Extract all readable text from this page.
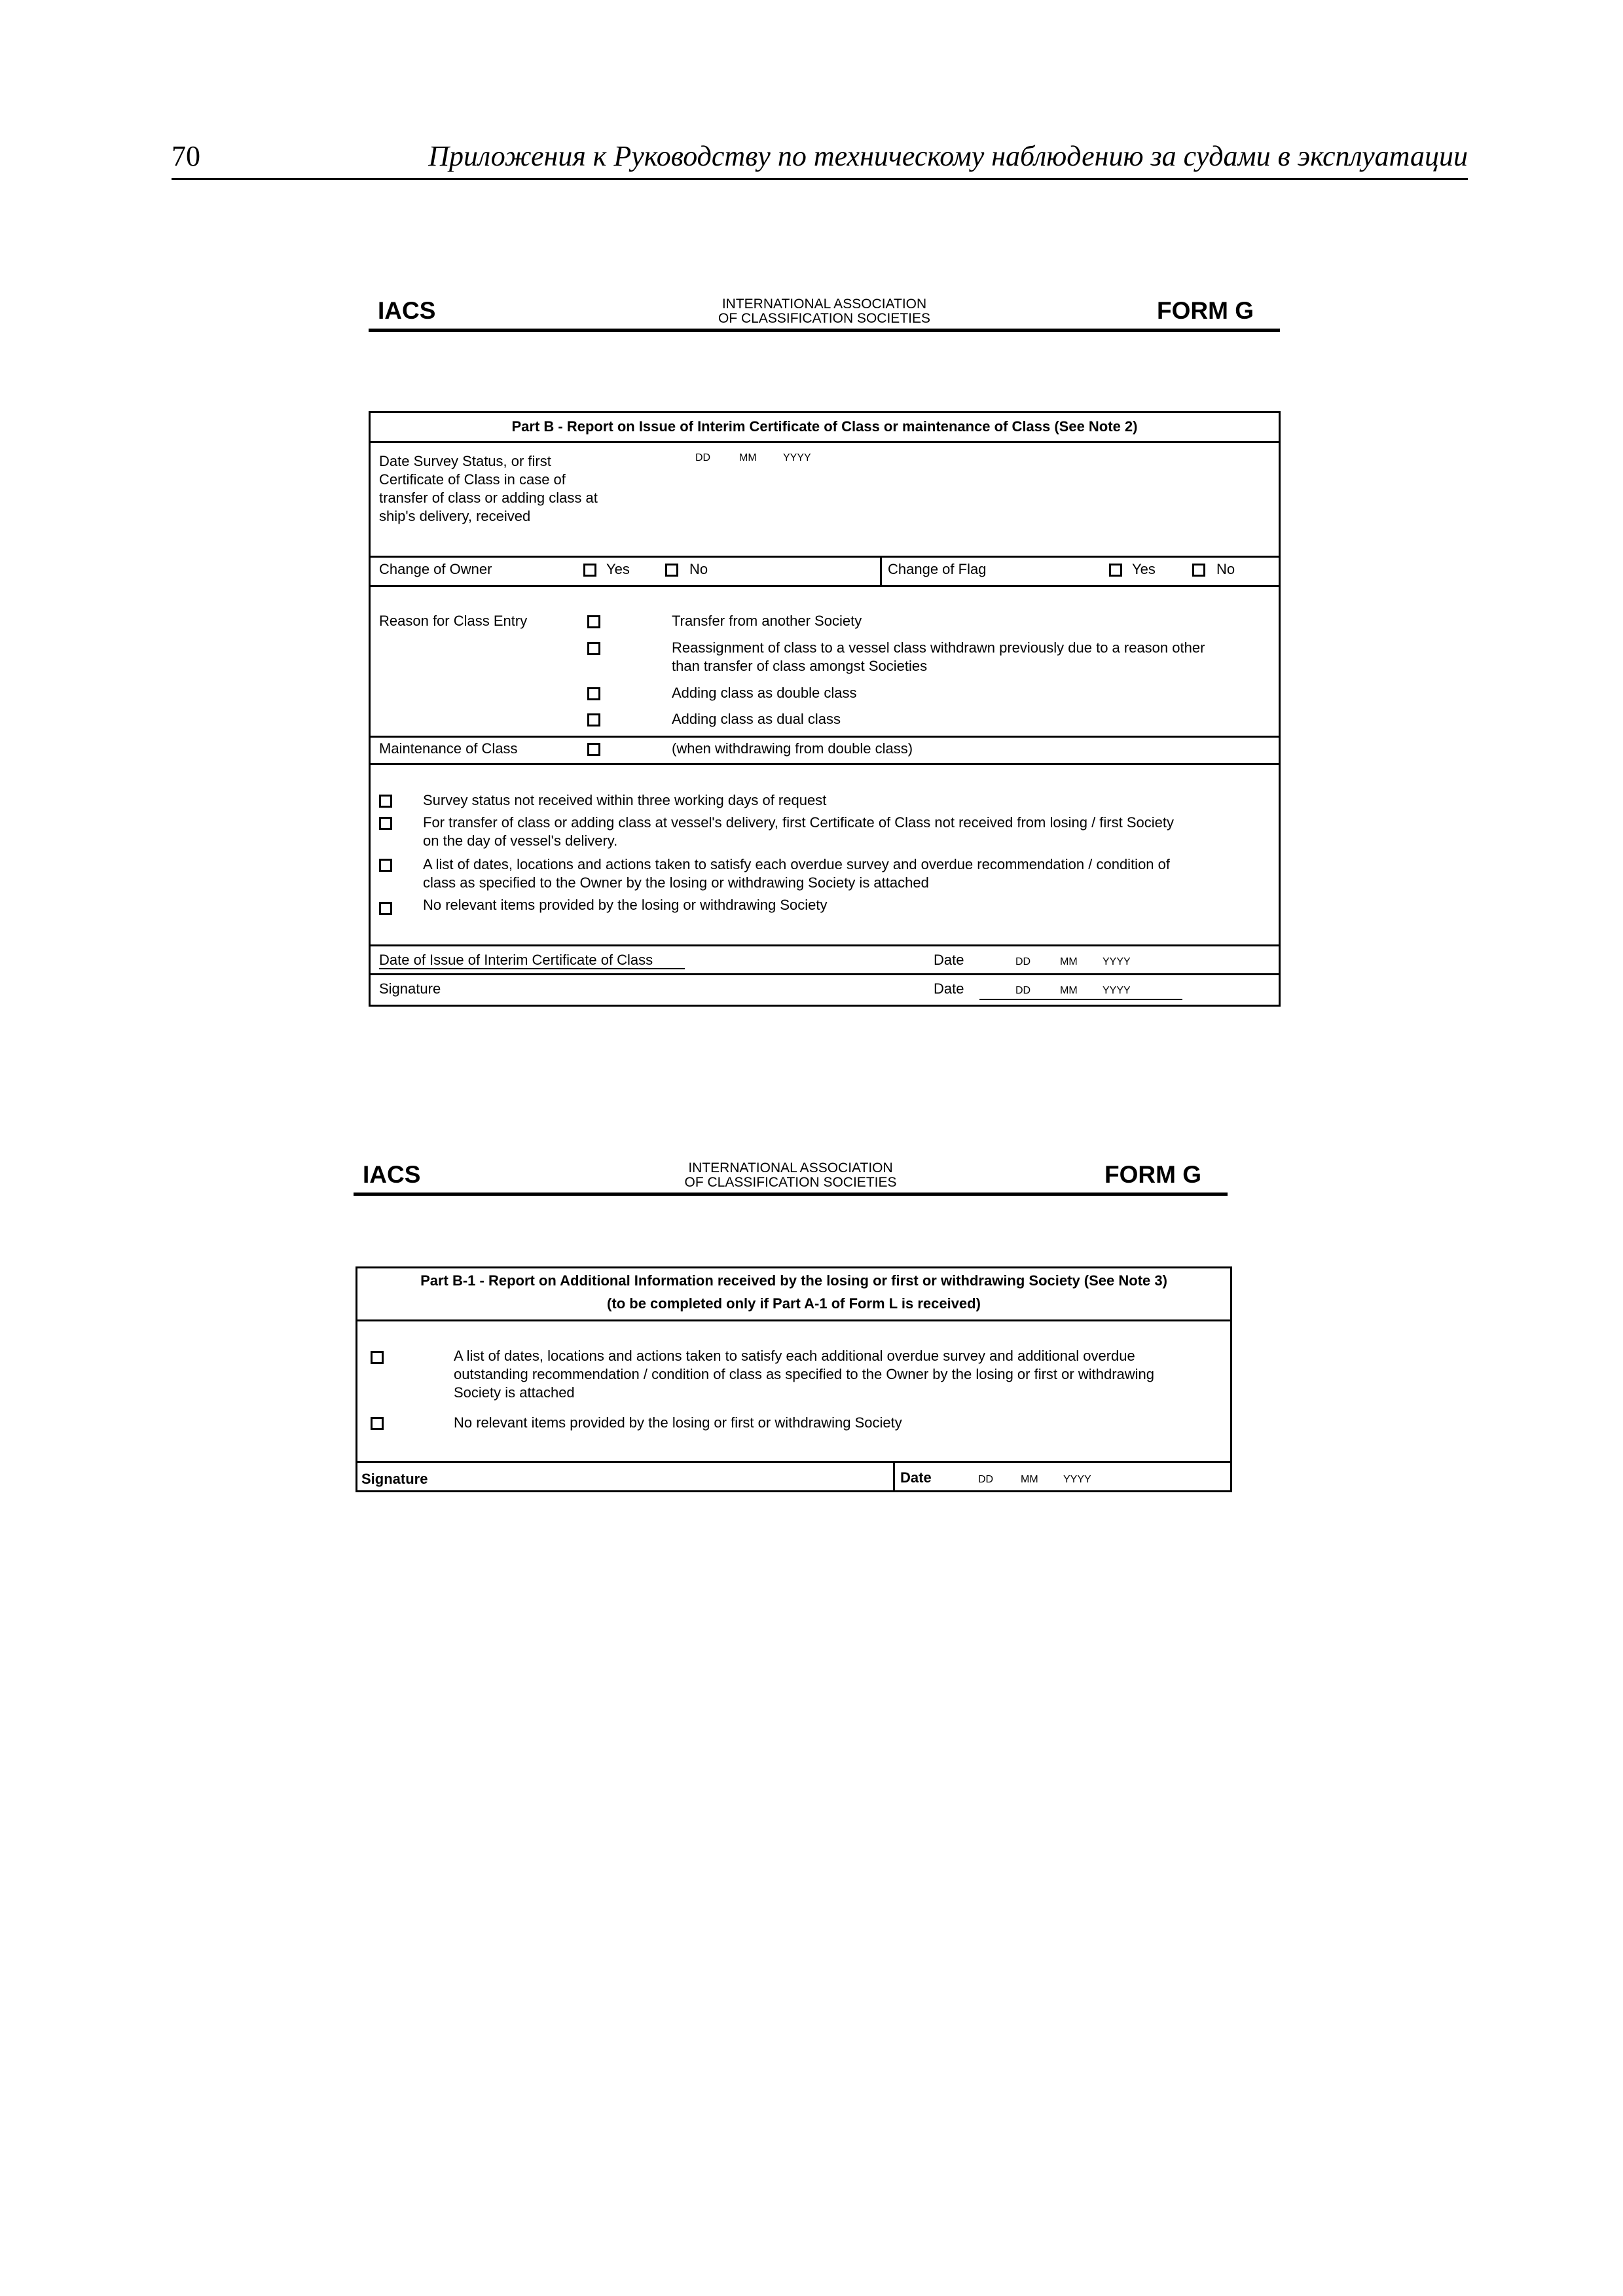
70	Приложения к Руководству по техническому наблюдению за судами в эксплуатации
IACS	INTERNATIONAL ASSOCIATION
OF CLASSIFICATION SOCIETIES	FORM G
Part B - Report on Issue of Interim Certificate of Class or maintenance of Class (See Note 2)
Date Survey Status, or first
Certificate of Class in case of
transfer of class or adding class at
ship's delivery, received
DD	MM	YYYY
Change of Owner	Yes	No	Change of Flag	Yes	No
Reason for Class Entry	Transfer from another Society
Reassignment of class to a vessel class withdrawn previously due to a reason other
than transfer of class amongst Societies
Adding class as double class
Adding class as dual class
Maintenance of Class	(when withdrawing from double class)
Survey status not received within three working days of request
For transfer of class or adding class at vessel's delivery, first Certificate of Class not received from losing / first Society
on the day of vessel's delivery.
A list of dates, locations and actions taken to satisfy each overdue survey and overdue recommendation / condition of
class as specified to the Owner by the losing or withdrawing Society is attached
No relevant items provided by the losing or withdrawing Society
Date of Issue of Interim Certificate of Class	Date	DD	MM YYYY
Signature	Date	DD	MM YYYY
IACS	INTERNATIONAL ASSOCIATION
OF CLASSIFICATION SOCIETIES	FORM G
Part B-1 - Report on Additional Information received by the losing or first or withdrawing Society (See Note 3)
(to be completed only if Part A-1 of Form L is received)
A list of dates, locations and actions taken to satisfy each additional overdue survey and additional overdue
outstanding recommendation / condition of class as specified to the Owner by the losing or first or withdrawing
Society is attached
No relevant items provided by the losing or first or withdrawing Society
Signature	Date	DD	MM YYYY
